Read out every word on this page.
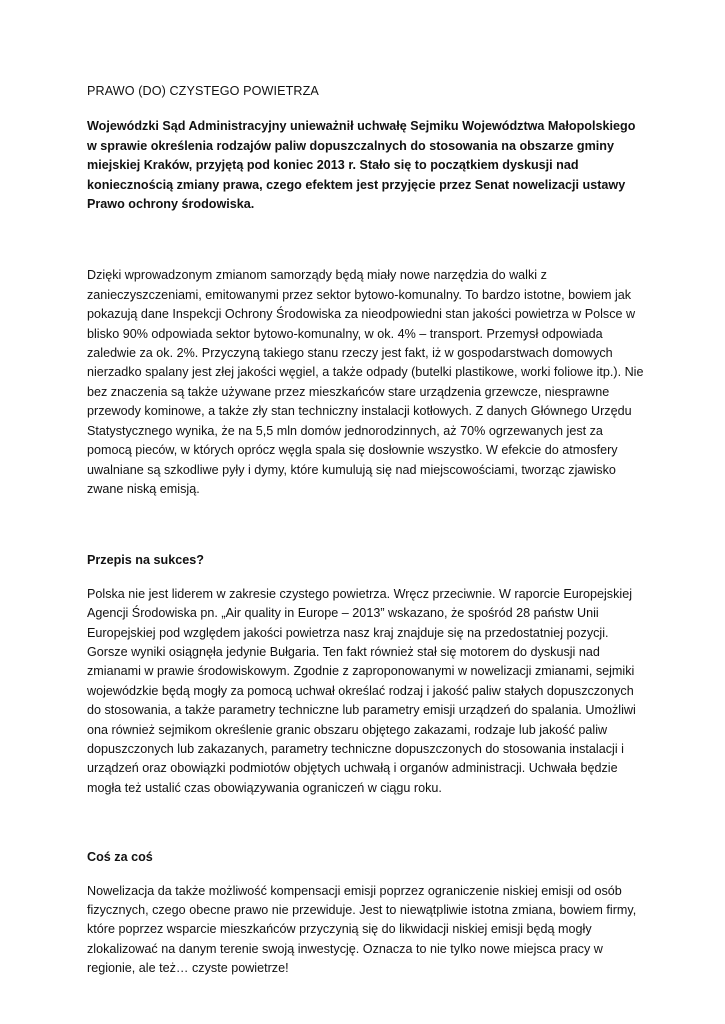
PRAWO (DO) CZYSTEGO POWIETRZA

Wojewódzki Sąd Administracyjny unieważnił uchwałę Sejmiku Województwa Małopolskiego w sprawie określenia rodzajów paliw dopuszczalnych do stosowania na obszarze gminy miejskiej Kraków, przyjętą pod koniec 2013 r. Stało się to początkiem dyskusji nad koniecznością zmiany prawa, czego efektem jest przyjęcie przez Senat nowelizacji ustawy Prawo ochrony środowiska.

Dzięki wprowadzonym zmianom samorządy będą miały nowe narzędzia do walki z zanieczyszczeniami, emitowanymi przez sektor bytowo-komunalny. To bardzo istotne, bowiem jak pokazują dane Inspekcji Ochrony Środowiska za nieodpowiedni stan jakości powietrza w Polsce w blisko 90% odpowiada sektor bytowo-komunalny, w ok. 4% – transport. Przemysł odpowiada zaledwie za ok. 2%. Przyczyną takiego stanu rzeczy jest fakt, iż w gospodarstwach domowych nierzadko spalany jest złej jakości węgiel, a także odpady (butelki plastikowe, worki foliowe itp.). Nie bez znaczenia są także używane przez mieszkańców stare urządzenia grzewcze, niesprawne przewody kominowe, a także zły stan techniczny instalacji kotłowych. Z danych Głównego Urzędu Statystycznego wynika, że na 5,5 mln domów jednorodzinnych, aż 70% ogrzewanych jest za pomocą pieców, w których oprócz węgla spala się dosłownie wszystko. W efekcie do atmosfery uwalniane są szkodliwe pyły i dymy, które kumulują się nad miejscowościami, tworząc zjawisko zwane niską emisją.

Przepis na sukces?

Polska nie jest liderem w zakresie czystego powietrza. Wręcz przeciwnie. W raporcie Europejskiej Agencji Środowiska pn. „Air quality in Europe – 2013” wskazano, że spośród 28 państw Unii Europejskiej pod względem jakości powietrza nasz kraj znajduje się na przedostatniej pozycji. Gorsze wyniki osiągnęła jedynie Bułgaria. Ten fakt również stał się motorem do dyskusji nad zmianami w prawie środowiskowym. Zgodnie z zaproponowanymi w nowelizacji zmianami, sejmiki wojewódzkie będą mogły za pomocą uchwał określać rodzaj i jakość paliw stałych dopuszczonych do stosowania, a także parametry techniczne lub parametry emisji urządzeń do spalania. Umożliwi ona również sejmikom określenie granic obszaru objętego zakazami, rodzaje lub jakość paliw dopuszczonych lub zakazanych, parametry techniczne dopuszczonych do stosowania instalacji i urządzeń oraz obowiązki podmiotów objętych uchwałą i organów administracji. Uchwała będzie mogła też ustalić czas obowiązywania ograniczeń w ciągu roku.

Coś za coś

Nowelizacja da także możliwość kompensacji emisji poprzez ograniczenie niskiej emisji od osób fizycznych, czego obecne prawo nie przewiduje. Jest to niewątpliwie istotna zmiana, bowiem firmy, które poprzez wsparcie mieszkańców przyczynią się do likwidacji niskiej emisji będą mogły zlokalizować na danym terenie swoją inwestycję. Oznacza to nie tylko nowe miejsca pracy w regionie, ale też… czyste powietrze!
